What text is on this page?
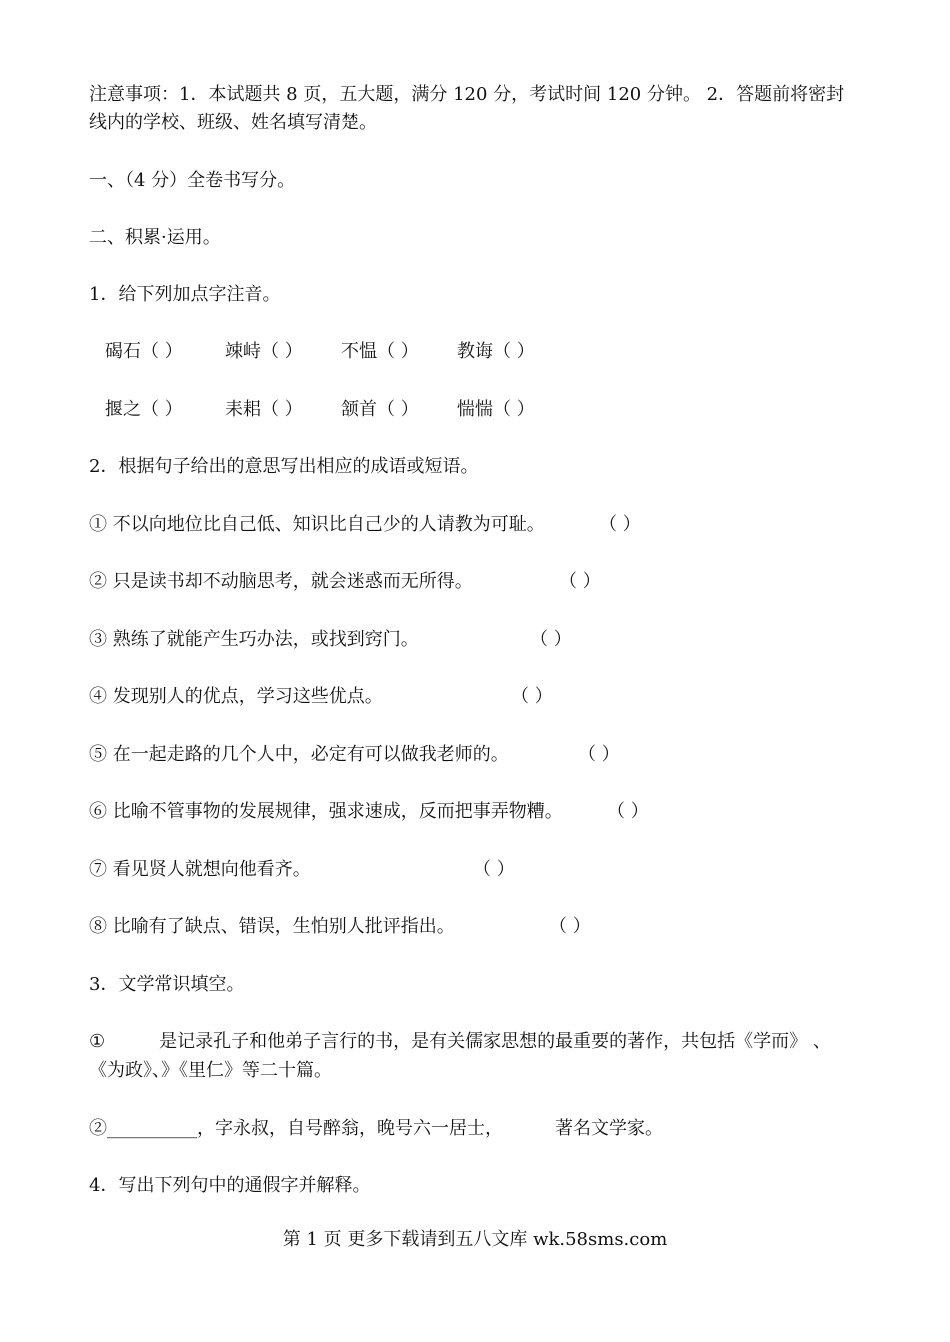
注意事项：1．本试题共 8 页，五大题，满分 120 分，考试时间 120 分钟。 2．答题前将密封
线内的学校、班级、姓名填写清楚。
一、（4 分）全卷书写分。
二、积累·运用。
1．给下列加点字注音。
碣石（ ） 竦峙（ ） 不愠（ ） 教诲（ ）
揠之（ ） 耒耜（ ） 颔首（ ） 惴惴（ ）
2．根据句子给出的意思写出相应的成语或短语。
① 不以向地位比自己低、知识比自己少的人请教为可耻。	（ ）
② 只是读书却不动脑思考，就会迷惑而无所得。	（ ）
③ 熟练了就能产生巧办法，或找到窍门。	（ ）
④ 发现别人的优点，学习这些优点。	（ ）
⑤ 在一起走路的几个人中，必定有可以做我老师的。	（ ）
⑥ 比喻不管事物的发展规律，强求速成，反而把事弄物糟。 （ ）
⑦ 看见贤人就想向他看齐。	（ ）
⑧ 比喻有了缺点、错误，生怕别人批评指出。	（ ）
3．文学常识填空。
①	是记录孔子和他弟子言行的书，是有关儒家思想的最重要的著作，共包括《学而》 、
《为政》、》《里仁》等二十篇。
②__________，字永叔，自号醉翁，晚号六一居士，	著名文学家。
4．写出下列句中的通假字并解释。
第 1 页 更多下载请到五八文库 wk.58sms.com
